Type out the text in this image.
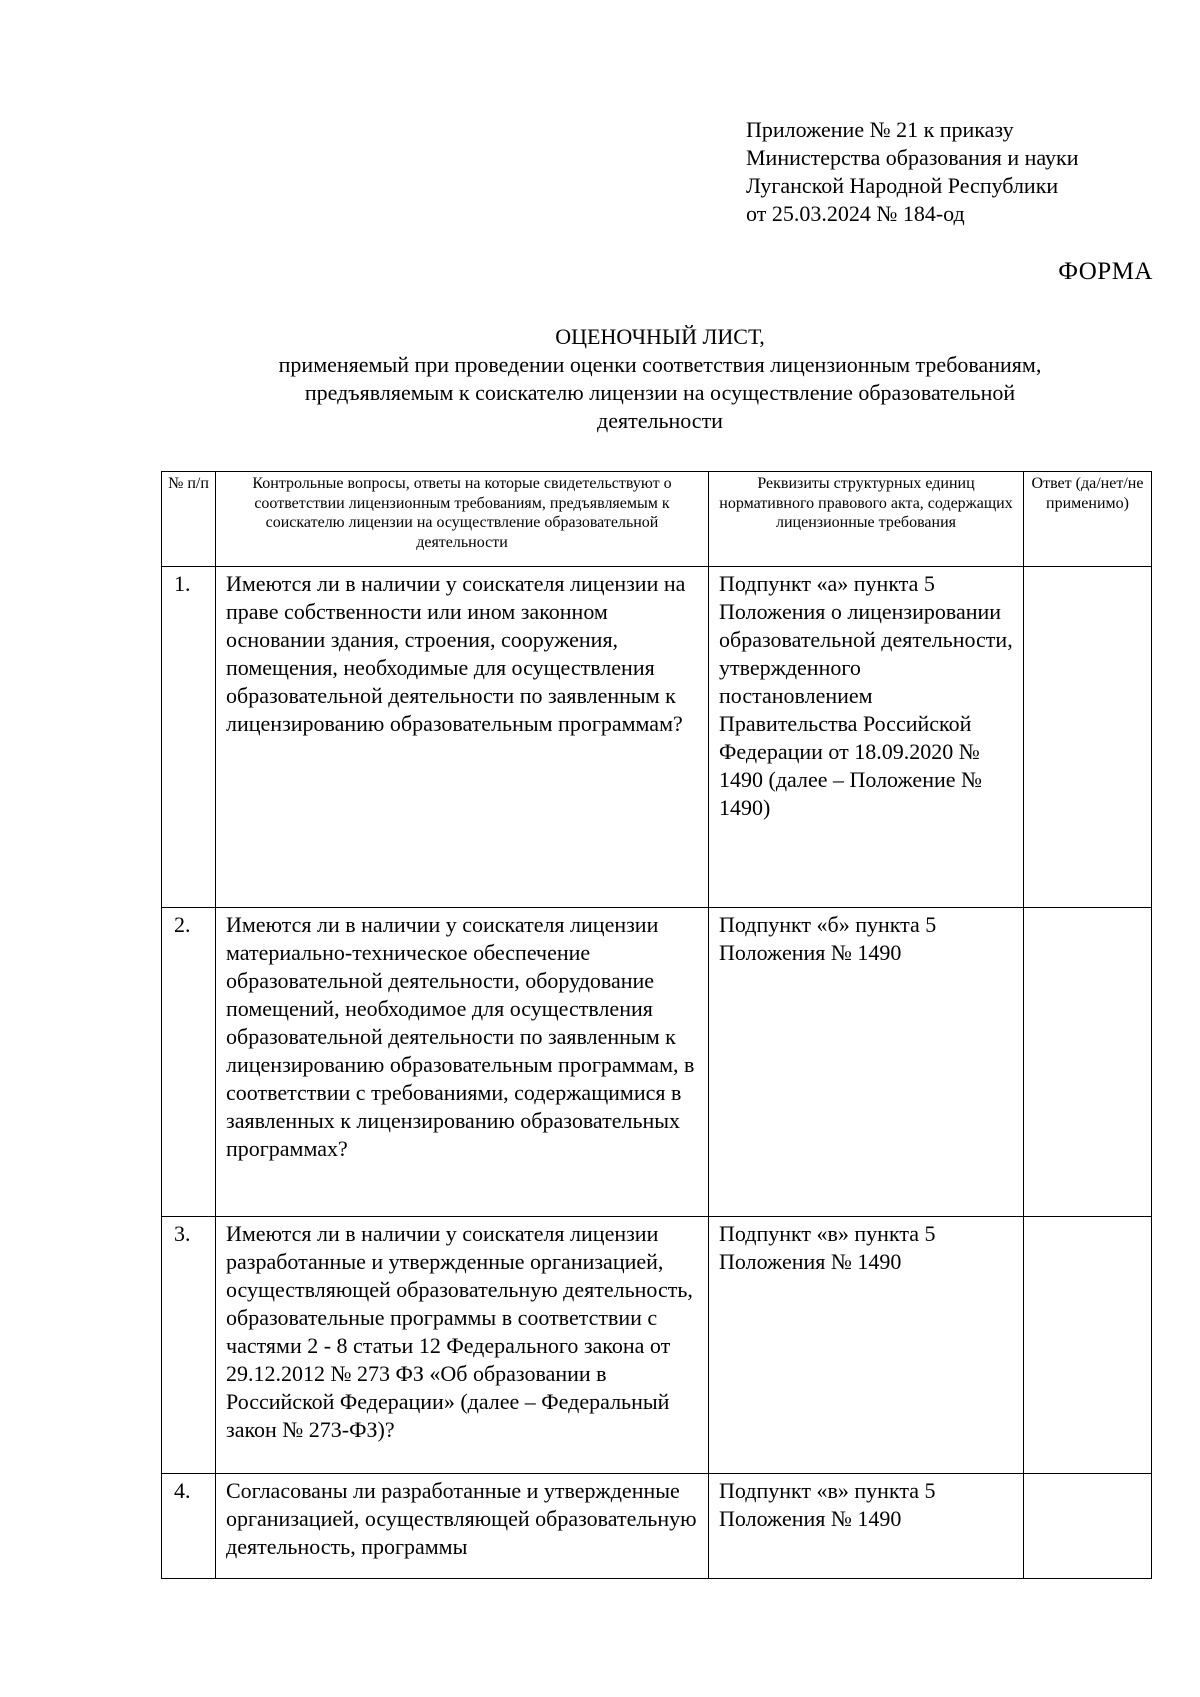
Приложение № 21 к приказу
Министерства образования и науки
Луганской Народной Республики
от 25.03.2024 № 184-од
ФОРМА
ОЦЕНОЧНЫЙ ЛИСТ,
применяемый при проведении оценки соответствия лицензионным требованиям,
предъявляемым к соискателю лицензии на осуществление образовательной
деятельности
№ п/п	Контрольные вопросы, ответы на которые свидетельствуют о соответствии лицензионным требованиям, предъявляемым к соискателю лицензии на осуществление образовательной деятельности	Реквизиты структурных единиц нормативного правового акта, содержащих лицензионные требования	Ответ (да/нет/не применимо)
1.	Имеются ли в наличии у соискателя лицензии на праве собственности или ином законном основании здания, строения, сооружения, помещения, необходимые для осуществления образовательной деятельности по заявленным к лицензированию образовательным программам?	Подпункт «а» пункта 5 Положения о лицензировании образовательной деятельности, утвержденного постановлением Правительства Российской Федерации от 18.09.2020 № 1490 (далее – Положение № 1490)	
2.	Имеются ли в наличии у соискателя лицензии материально-техническое обеспечение образовательной деятельности, оборудование помещений, необходимое для осуществления образовательной деятельности по заявленным к лицензированию образовательным программам, в соответствии с требованиями, содержащимися в заявленных к лицензированию образовательных программах?	Подпункт «б» пункта 5 Положения № 1490	
3.	Имеются ли в наличии у соискателя лицензии разработанные и утвержденные организацией, осуществляющей образовательную деятельность, образовательные программы в соответствии с частями 2 - 8 статьи 12 Федерального закона от 29.12.2012 № 273 ФЗ «Об образовании в Российской Федерации» (далее – Федеральный закон № 273-ФЗ)?	Подпункт «в» пункта 5 Положения № 1490	
4.	Согласованы ли разработанные и утвержденные организацией, осуществляющей образовательную деятельность, программы	Подпункт «в» пункта 5 Положения № 1490	
